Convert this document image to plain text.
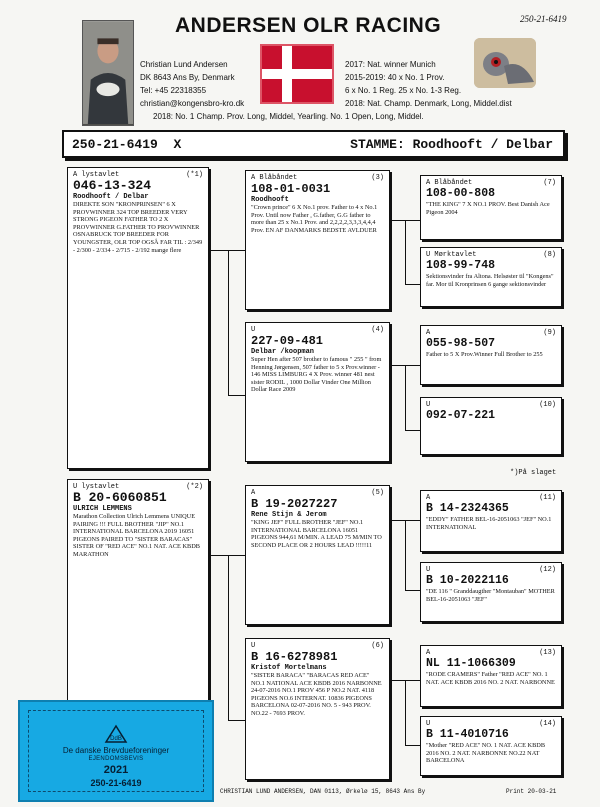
250-21-6419
ANDERSEN OLR RACING
Christian Lund Andersen
DK 8643 Ans By, Denmark
Tel: +45 22318355
christian@kongensbro-kro.dk
2017: Nat. winner Munich
2015-2019: 40 x No. 1 Prov.
6 x No. 1 Reg. 25 x No. 1-3 Reg.
2018: Nat. Champ. Denmark, Long, Middel.dist
2018: No. 1 Champ. Prov. Long, Middel, Yearling. No. 1 Open, Long, Middel.
250-21-6419 X	STAMME: Roodhooft / Delbar
(*1)
A lystavlet
046-13-324
Roodhooft / Delbar
DIREKTE SON "KRONPRINSEN" 6 X PROVWINNER 324 TOP BREEDER VERY STRONG PIGEON FATHER TO 2 X PROVWINNER G.FATHER TO PROVWINNER OSNABRUCK TOP BREEDER FOR YOUNGSTER, OLR TOP OGSÅ FAR TIL : 2/349 - 2/300 - 2/334 - 2/715 - 2/192 mange flere
(*2)
U lystavlet
B 20-6060851
ULRICH LEMMENS
Marathon Collection Ulrich Lemmens UNIQUE PAIRING !!! FULL BROTHER "JIP" NO.1 INTERNATIONAL BARCELONA 2019 16051 PIGEONS PAIRED TO "SISTER BARACAS" SISTER OF "RED ACE" NO.1 NAT. ACE KBDB MARATHON
(3)
A Blåbåndet
108-01-0031
Roodhooft
"Crown prince" 6 X No.1 prov. Father to 4 x No.1 Prov. Until now Father , G.father, G.G father to more than 25 x No.1 Prov. and 2,2,2,2,3,3,3,4,4,4 Prov. EN AF DANMARKS BEDSTE AVLDUER
(4)
U
227-09-481
Delbar /koopman
Super Hen after 507 brother to famous " 255 " from Henning Jørgensen, 507 father to 5 x Prov.winner - 146 MISS LIMBURG 4 X Prov. winner 481 nest sister RODIL , 1000 Dollar Vinder One Million Dollar Race 2009
(5)
A
B 19-2027227
Rene Stijn & Jerom
"KING JEF" FULL BROTHER "JEF" NO.1 INTERNATIONAL BARCELONA 16051 PIGEONS 944,61 M/MIN. A LEAD 75 M/MIN TO SECOND PLACE OR 2 HOURS LEAD !!!!!11
(6)
U
B 16-6278981
Kristof Mortelmans
"SISTER BARACA" "BARACAS RED ACE" NO.1 NATIONAL ACE KBDB 2016 NARBONNE 24-07-2016 NO.1 PROV 456 P NO.2 NAT. 4118 PIGEONS NO.6 INTERNAT. 10836 PIGEONS BARCELONA 02-07-2016 NO. 5 - 943 PROV. NO.22 - 7693 PROV.
(7)
A Blåbåndet
108-00-808
"THE KING" 7 X NO.1 PROV. Best Danish Ace Pigeon 2004
(8)
U Mørktavlet
108-99-748
Sektionsvinder fra Altona. Helsøster til "Kongens" far. Mor til Kronprinsen 6 gange sektionsvinder
(9)
A
055-98-507
Father to 5 X Prov.Winner Full Brother to 255
(10)
U
092-07-221
(11)
A
B 14-2324365
"EDDY" FATHER BEL-16-2051063 "JEF" NO.1 INTERNATIONAL
(12)
U
B 10-2022116
"DE 116 " Granddaugther "Montauban" MOTHER BEL-16-2051063 "JEF"
(13)
A
NL 11-1066309
"RODE CRAMERS" Father "RED ACE" NO. 1 NAT. ACE KBDB 2016 NO. 2 NAT. NARBONNE
(14)
U
B 11-4010716
"Mother "RED ACE" NO. 1 NAT. ACE KBDB 2016 NO. 2 NAT. NARBONNE NO.22 NAT BARCELONA
*)På slaget
CHRISTIAN LUND ANDERSEN, DAN 0113, Ørkelø 15, 8643 Ans By	Print 20-03-21
DdB
De danske Brevdueforeninger
EJENDOMSBEVIS
2021
250-21-6419
